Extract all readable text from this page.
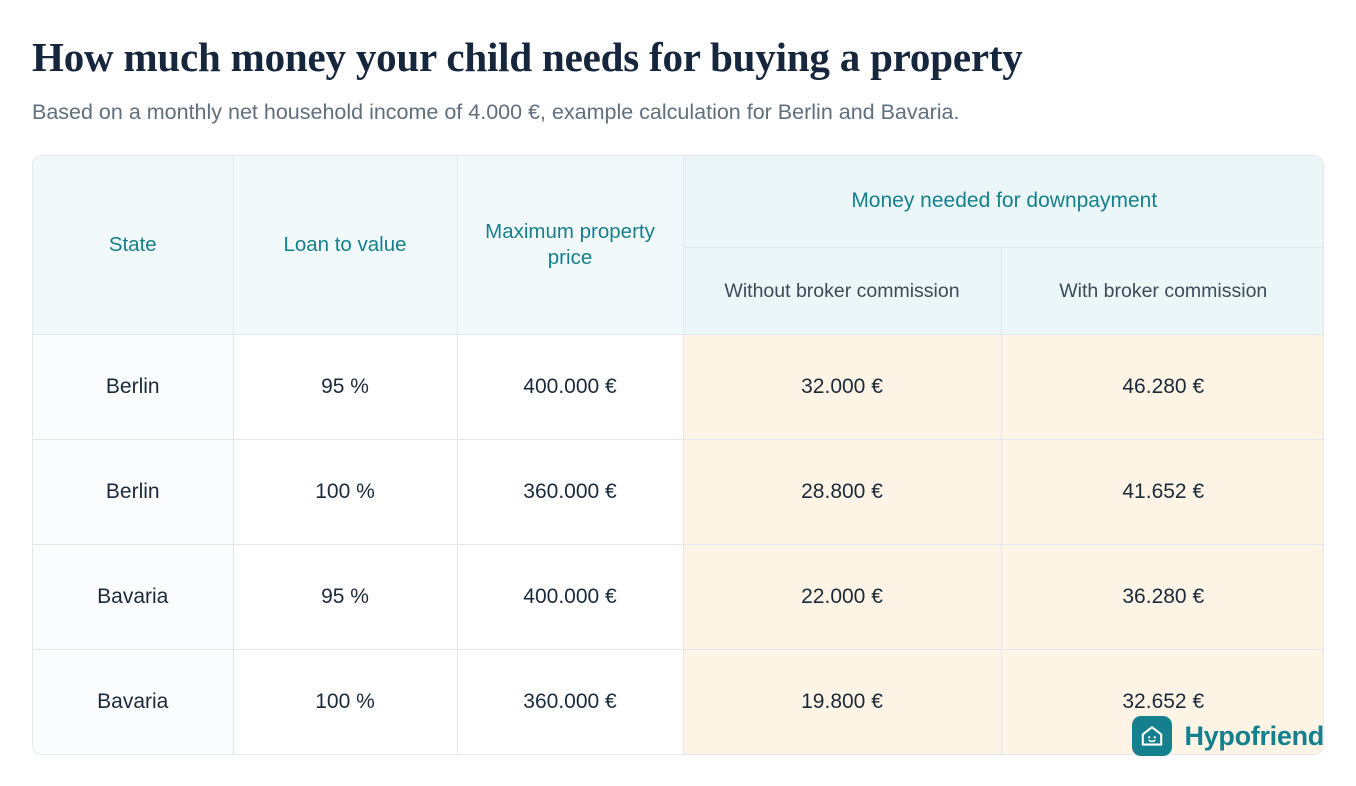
How much money your child needs for buying a property

Based on a monthly net household income of 4.000 €, example calculation for Berlin and Bavaria.

State	Loan to value	Maximum property price	Money needed for downpayment	
			Without broker commission	With broker commission
Berlin	95 %	400.000 €	32.000 €	46.280 €
Berlin	100 %	360.000 €	28.800 €	41.652 €
Bavaria	95 %	400.000 €	22.000 €	36.280 €
Bavaria	100 %	360.000 €	19.800 €	32.652 €
Hypofriend
